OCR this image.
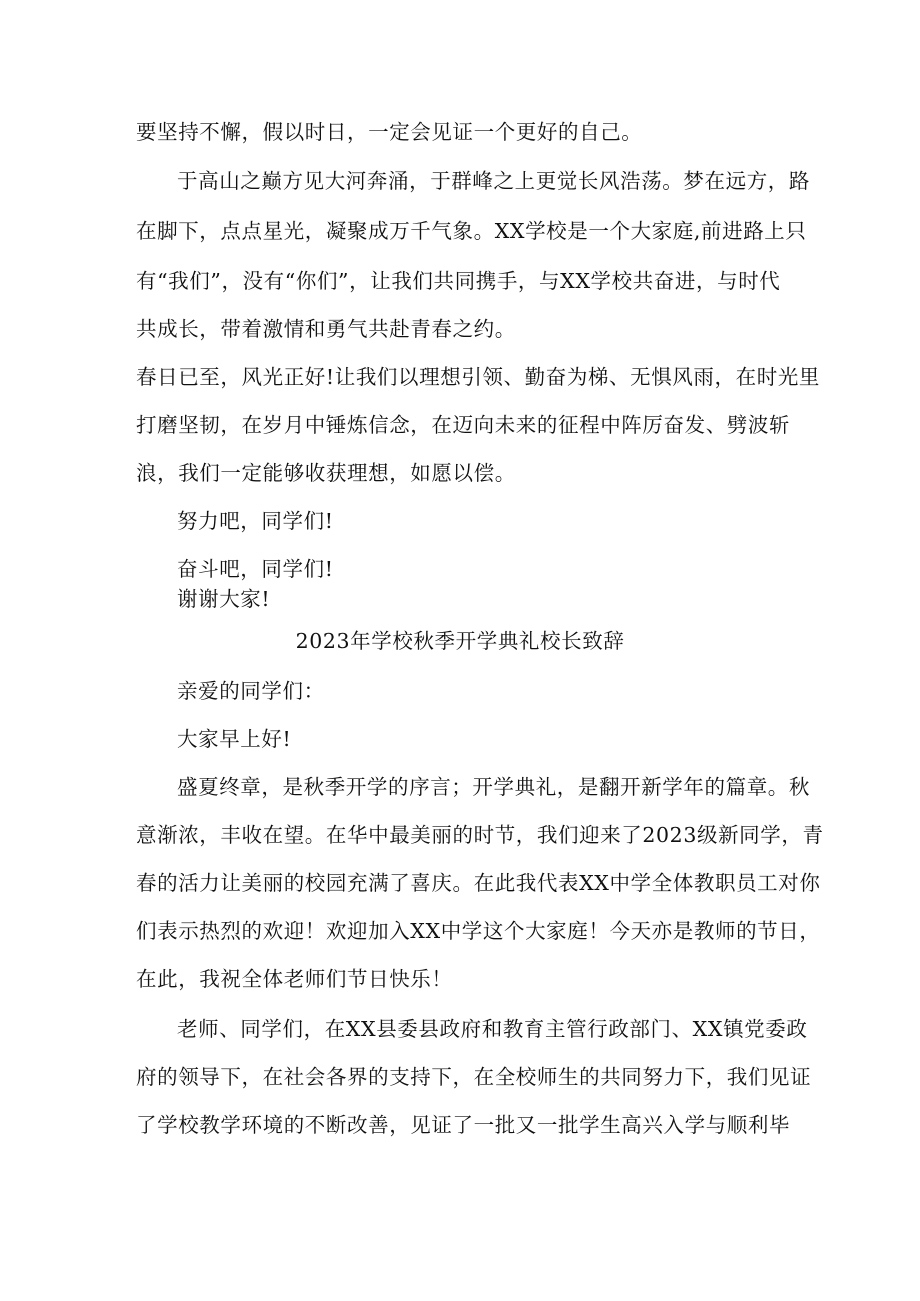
要坚持不懈，假以时日，一定会见证一个更好的自己。
于高山之巅方见大河奔涌，于群峰之上更觉长风浩荡。梦在远方，路
在脚下，点点星光，凝聚成万千气象。XX学校是一个大家庭,前进路上只
有“我们”，没有“你们”，让我们共同携手，与XX学校共奋进，与时代
共成长，带着激情和勇气共赴青春之约。
春日已至，风光正好!让我们以理想引领、勤奋为梯、无惧风雨，在时光里
打磨坚韧，在岁月中锤炼信念，在迈向未来的征程中阵厉奋发、劈波斩
浪，我们一定能够收获理想，如愿以偿。
努力吧，同学们!
奋斗吧，同学们!
谢谢大家!
2023年学校秋季开学典礼校长致辞
亲爱的同学们：
大家早上好!
盛夏终章，是秋季开学的序言；开学典礼，是翻开新学年的篇章。秋
意渐浓，丰收在望。在华中最美丽的时节，我们迎来了2023级新同学，青
春的活力让美丽的校园充满了喜庆。在此我代表XX中学全体教职员工对你
们表示热烈的欢迎！欢迎加入XX中学这个大家庭！今天亦是教师的节日，
在此，我祝全体老师们节日快乐！
老师、同学们，在XX县委县政府和教育主管行政部门、XX镇党委政
府的领导下，在社会各界的支持下，在全校师生的共同努力下，我们见证
了学校教学环境的不断改善，见证了一批又一批学生高兴入学与顺利毕
